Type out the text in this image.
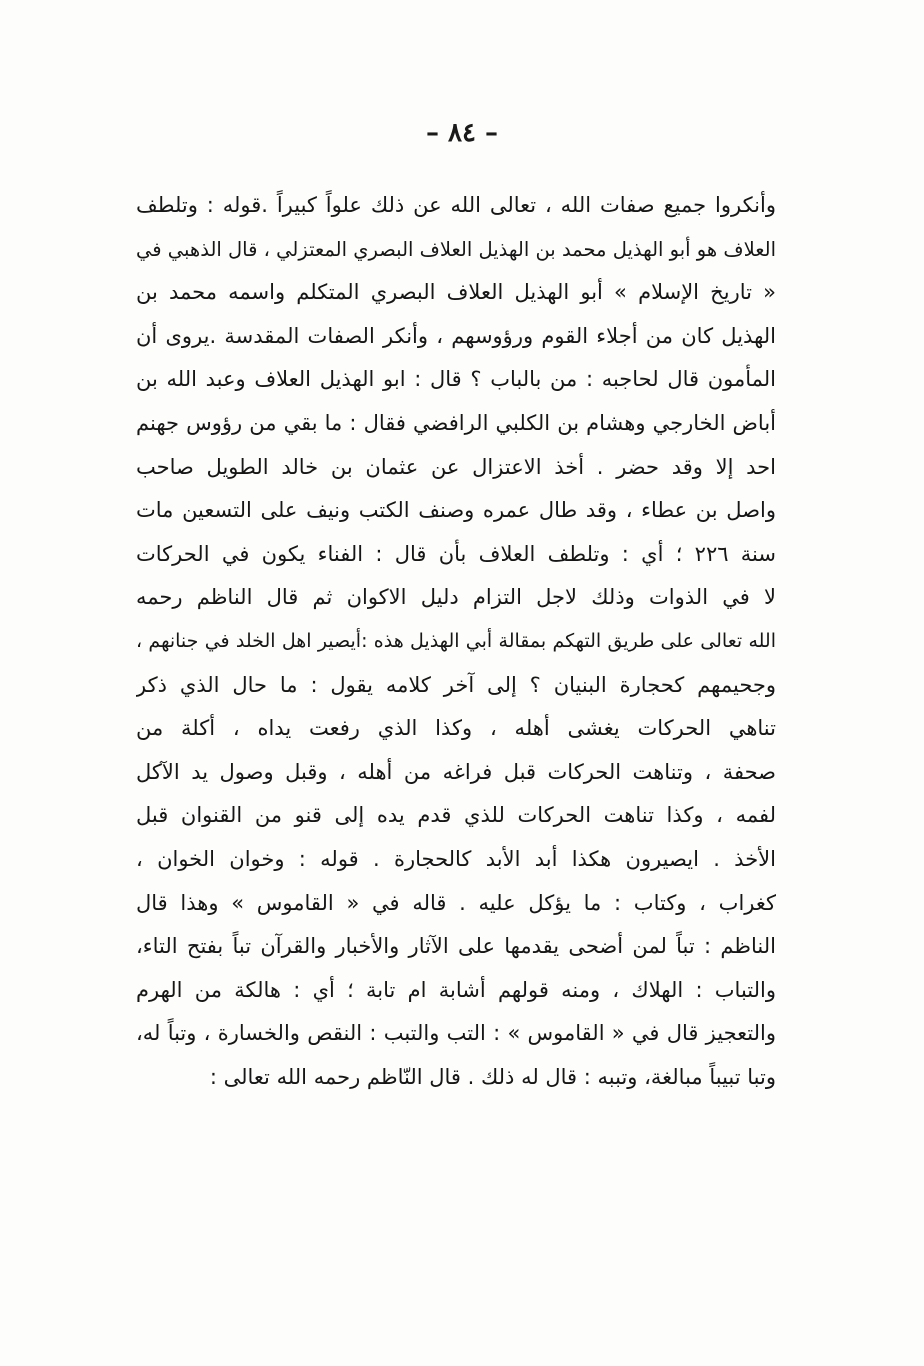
– ٨٤ –
وأنكروا جميع صفات الله ، تعالى الله عن ذلك علواً كبيراً .قوله : وتلطف
العلاف هو أبو الهذيل محمد بن الهذيل العلاف البصري المعتزلي ، قال الذهبي في
« تاريخ الإسلام » أبو الهذيل العلاف البصري المتكلم واسمه محمد بن
الهذيل كان من أجلاء القوم ورؤوسهم ، وأنكر الصفات المقدسة .يروى أن
المأمون قال لحاجبه : من بالباب ؟ قال : ابو الهذيل العلاف وعبد الله بن
أباض الخارجي وهشام بن الكلبي الرافضي فقال : ما بقي من رؤوس جهنم
احد إلا وقد حضر . أخذ الاعتزال عن عثمان بن خالد الطويل صاحب
واصل بن عطاء ، وقد طال عمره وصنف الكتب ونيف على التسعين مات
سنة ٢٢٦ ؛ أي : وتلطف العلاف بأن قال : الفناء يكون في الحركات
لا في الذوات وذلك لاجل التزام دليل الاكوان ثم قال الناظم رحمه
الله تعالى على طريق التهكم بمقالة أبي الهذيل هذه :أيصير اهل الخلد في جنانهم ،
وجحيمهم كحجارة البنيان ؟ إلى آخر كلامه يقول : ما حال الذي ذكر
تناهي الحركات يغشى أهله ، وكذا الذي رفعت يداه ، أكلة من
صحفة ، وتناهت الحركات قبل فراغه من أهله ، وقبل وصول يد الآكل
لفمه ، وكذا تناهت الحركات للذي قدم يده إلى قنو من القنوان قبل
الأخذ . ايصيرون هكذا أبد الأبد كالحجارة . قوله : وخوان الخوان ،
كغراب ، وكتاب : ما يؤكل عليه . قاله في « القاموس » وهذا قال
الناظم : تباً لمن أضحى يقدمها على الآثار والأخبار والقرآن تباً بفتح التاء،
والتباب : الهلاك ، ومنه قولهم أشابة ام تابة ؛ أي : هالكة من الهرم
والتعجيز قال في « القاموس » : التب والتبب : النقص والخسارة ، وتباً له،
وتبا تبيباً مبالغة، وتببه : قال له ذلك . قال النّاظم رحمه الله تعالى :
